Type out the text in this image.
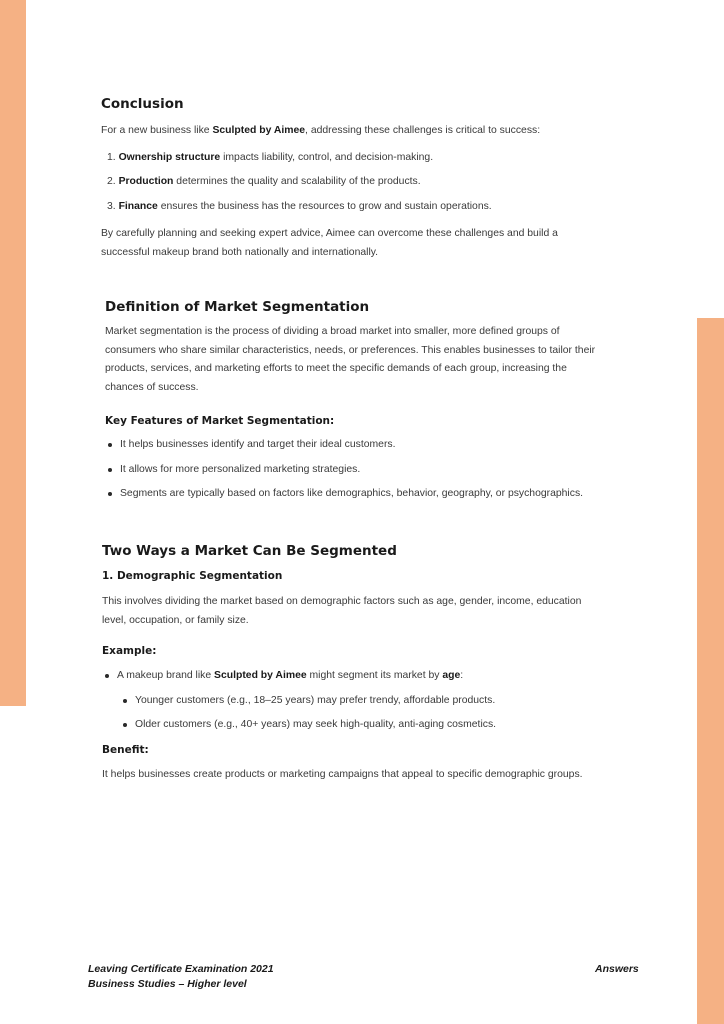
Conclusion

For a new business like Sculpted by Aimee, addressing these challenges is critical to success:

1. Ownership structure impacts liability, control, and decision-making.
2. Production determines the quality and scalability of the products.
3. Finance ensures the business has the resources to grow and sustain operations.

By carefully planning and seeking expert advice, Aimee can overcome these challenges and build a
successful makeup brand both nationally and internationally.

Definition of Market Segmentation

Market segmentation is the process of dividing a broad market into smaller, more defined groups of
consumers who share similar characteristics, needs, or preferences. This enables businesses to tailor their
products, services, and marketing efforts to meet the specific demands of each group, increasing the
chances of success.

Key Features of Market Segmentation:
It helps businesses identify and target their ideal customers.
It allows for more personalized marketing strategies.
Segments are typically based on factors like demographics, behavior, geography, or psychographics.
Two Ways a Market Can Be Segmented
1. Demographic Segmentation

This involves dividing the market based on demographic factors such as age, gender, income, education
level, occupation, or family size.

Example:
A makeup brand like Sculpted by Aimee might segment its market by age:
Younger customers (e.g., 18–25 years) may prefer trendy, affordable products.
Older customers (e.g., 40+ years) may seek high-quality, anti-aging cosmetics.
Benefit:

It helps businesses create products or marketing campaigns that appeal to specific demographic groups.

Leaving Certificate Examination 2021
Business Studies – Higher level
Answers
